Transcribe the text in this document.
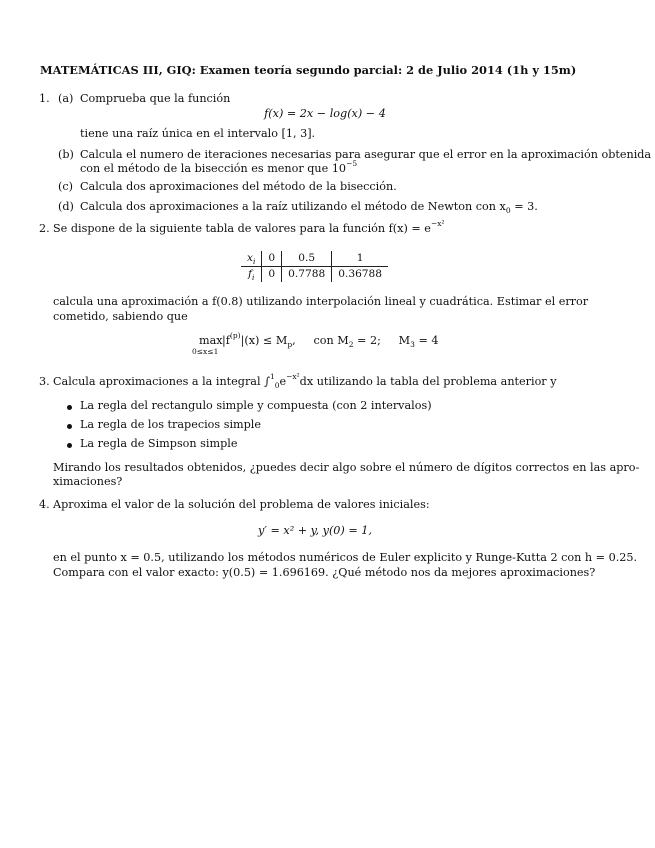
MATEMÁTICAS III, GIQ: Examen teoría segundo parcial: 2 de Julio 2014 (1h y 15m)
1. (a) Comprueba que la función
f(x) = 2x − log(x) − 4
tiene una raíz única en el intervalo [1, 3].
(b) Calcula el numero de iteraciones necesarias para asegurar que el error en la aproximación obtenida
con el método de la bisección es menor que $10^{-5}$
(c) Calcula dos aproximaciones del método de la bisección.
(d) Calcula dos aproximaciones a la raíz utilizando el método de Newton con $x_0 = 3$.
2. Se dispone de la siguiente tabla de valores para la función $f(x) = e^{-x^2}$
$x_i$	0	0.5	1
$f_i$	0	0.7788	0.36788
calcula una aproximación a f(0.8) utilizando interpolación lineal y cuadrática. Estimar el error
cometido, sabiendo que
max
0≤x≤1
$|f^{(p)}|(x) \le M_p$,     con $M_2 = 2$;     $M_3 = 4$
3. Calcula aproximaciones a la integral $\int^1_0e^{-x^2}dx$ utilizando la tabla del problema anterior y
La regla del rectangulo simple y compuesta (con 2 intervalos)
La regla de los trapecios simple
La regla de Simpson simple
Mirando los resultados obtenidos, ¿puedes decir algo sobre el número de dígitos correctos en las apro-
ximaciones?
4. Aproxima el valor de la solución del problema de valores iniciales:
y′ = x² + y, y(0) = 1,
en el punto x = 0.5, utilizando los métodos numéricos de Euler explicito y Runge-Kutta 2 con h = 0.25.
Compara con el valor exacto: y(0.5) = 1.696169. ¿Qué método nos da mejores aproximaciones?
